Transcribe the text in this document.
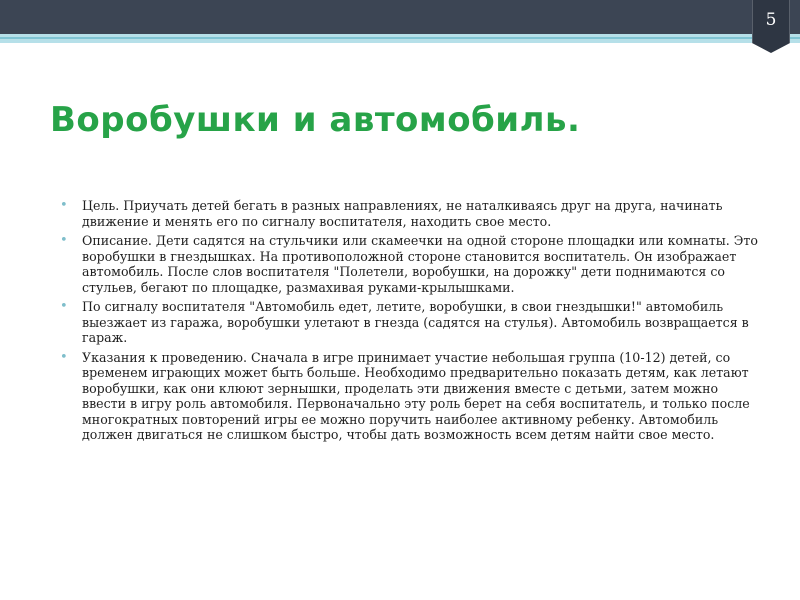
5
Воробушки и автомобиль.
• Цель. Приучать детей бегать в разных направлениях, не наталкиваясь друг на друга, начинать движение и менять его по сигналу воспитателя, находить свое место.
• Описание. Дети садятся на стульчики или скамеечки на одной стороне площадки или комнаты. Это воробушки в гнездышках. На противоположной стороне становится воспитатель. Он изображает автомобиль. После слов воспитателя "Полетели, воробушки, на дорожку" дети поднимаются со стульев, бегают по площадке, размахивая руками-крылышками.
• По сигналу воспитателя "Автомобиль едет, летите, воробушки, в свои гнездышки!" автомобиль выезжает из гаража, воробушки улетают в гнезда (садятся на стулья). Автомобиль возвращается в гараж.
• Указания к проведению. Сначала в игре принимает участие небольшая группа (10-12) детей, со временем играющих может быть больше. Необходимо предварительно показать детям, как летают воробушки, как они клюют зернышки, проделать эти движения вместе с детьми, затем можно ввести в игру роль автомобиля. Первоначально эту роль берет на себя воспитатель, и только после многократных повторений игры ее можно поручить наиболее активному ребенку. Автомобиль должен двигаться не слишком быстро, чтобы дать возможность всем детям найти свое место.
